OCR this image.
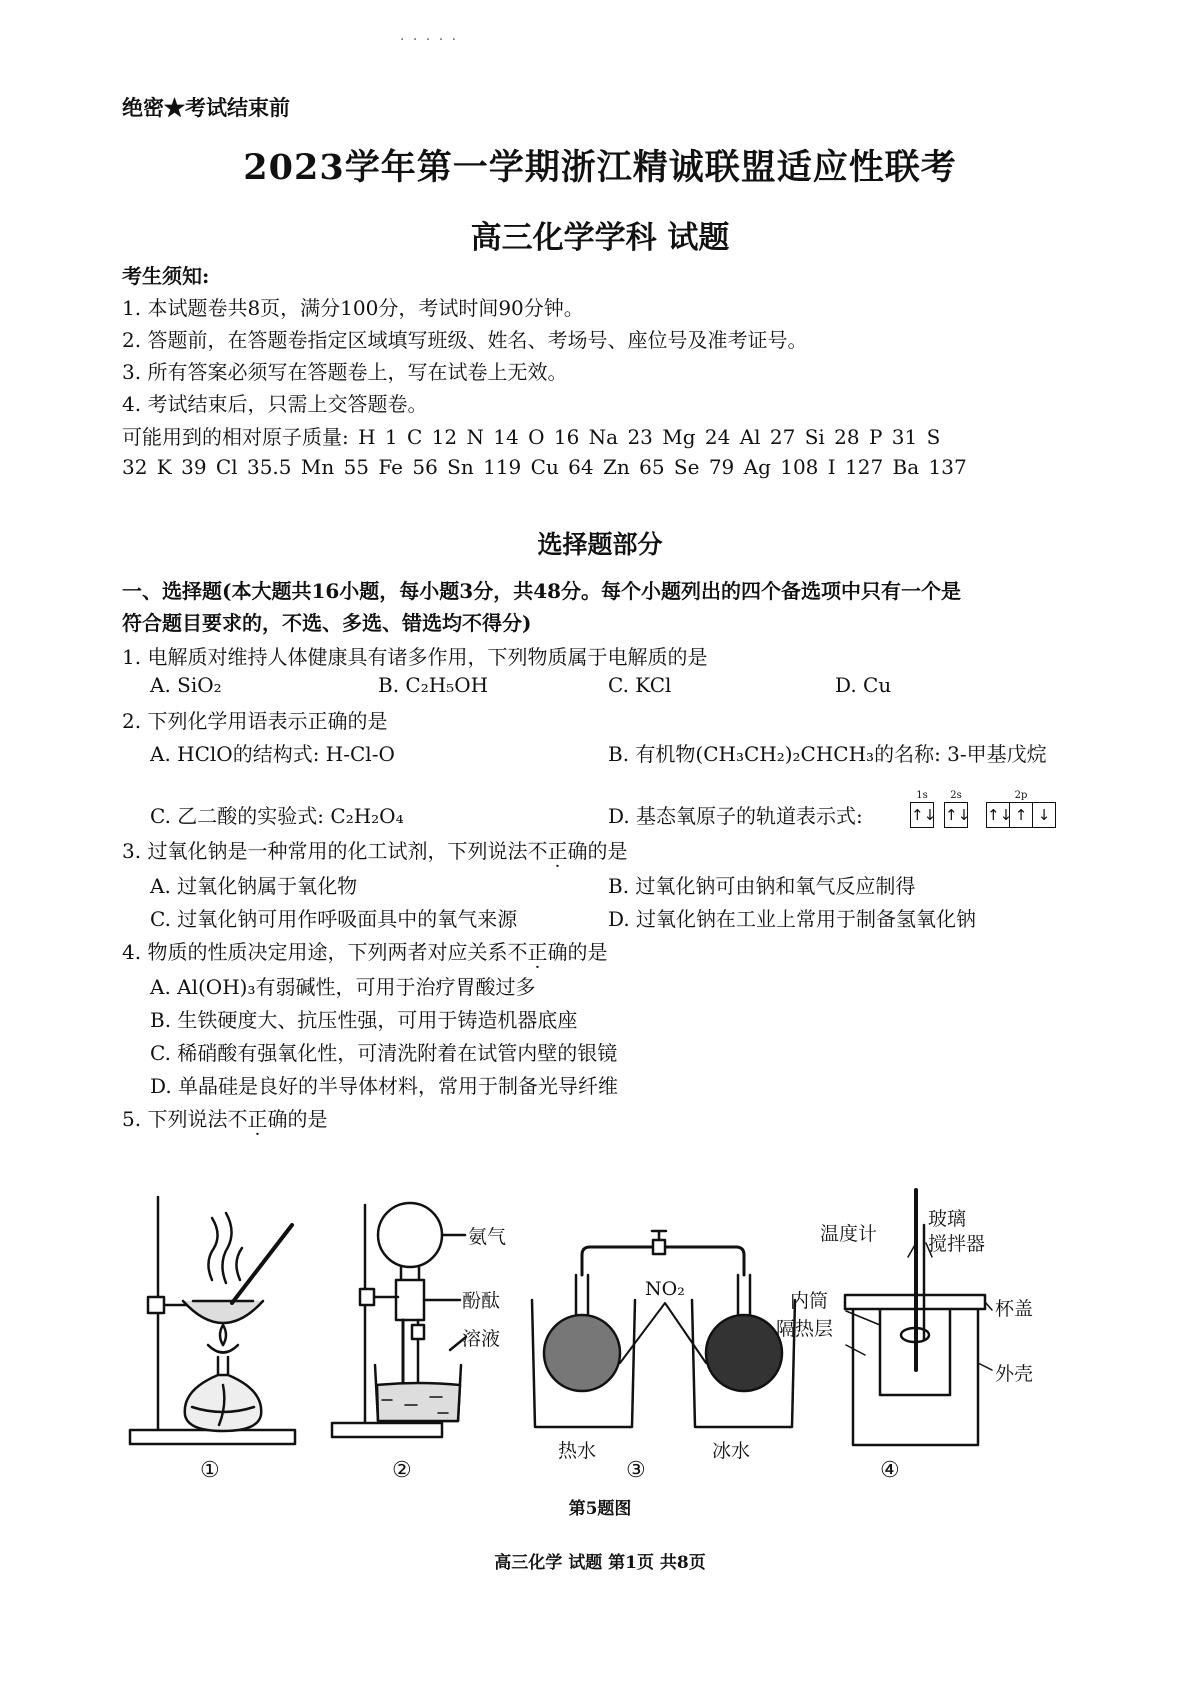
· · · · ·
绝密★考试结束前
2023学年第一学期浙江精诚联盟适应性联考
高三化学学科 试题
考生须知:
1. 本试题卷共8页，满分100分，考试时间90分钟。
2. 答题前，在答题卷指定区域填写班级、姓名、考场号、座位号及准考证号。
3. 所有答案必须写在答题卷上，写在试卷上无效。
4. 考试结束后，只需上交答题卷。
可能用到的相对原子质量: H 1 C 12 N 14 O 16 Na 23 Mg 24 Al 27 Si 28 P 31 S
32 K 39 Cl 35.5 Mn 55 Fe 56 Sn 119 Cu 64 Zn 65 Se 79 Ag 108 I 127 Ba 137
选择题部分
一、选择题(本大题共16小题，每小题3分，共48分。每个小题列出的四个备选项中只有一个是
符合题目要求的，不选、多选、错选均不得分)
1. 电解质对维持人体健康具有诸多作用，下列物质属于电解质的是
A. SiO₂	B. C₂H₅OH	C. KCl	D. Cu
2. 下列化学用语表示正确的是
A. HClO的结构式: H-Cl-O	B. 有机物(CH₃CH₂)₂CHCH₃的名称: 3-甲基戊烷
C. 乙二酸的实验式: C₂H₂O₄	D. 基态氧原子的轨道表示式:
1s
↑↓
2s
↑↓
2p
↑↓ ↑ ↓
3. 过氧化钠是一种常用的化工试剂，下列说法不正确的是
A. 过氧化钠属于氧化物	B. 过氧化钠可由钠和氧气反应制得
C. 过氧化钠可用作呼吸面具中的氧气来源	D. 过氧化钠在工业上常用于制备氢氧化钠
4. 物质的性质决定用途，下列两者对应关系不正确的是
A. Al(OH)₃有弱碱性，可用于治疗胃酸过多
B. 生铁硬度大、抗压性强，可用于铸造机器底座
C. 稀硝酸有强氧化性，可清洗附着在试管内壁的银镜
D. 单晶硅是良好的半导体材料，常用于制备光导纤维
5. 下列说法不正确的是
氨气
酚酞
溶液
NO₂
热水	冰水
温度计
玻璃
搅拌器
内筒
隔热层
杯盖
外壳
①	②	③	④
第5题图
高三化学 试题 第1页 共8页
